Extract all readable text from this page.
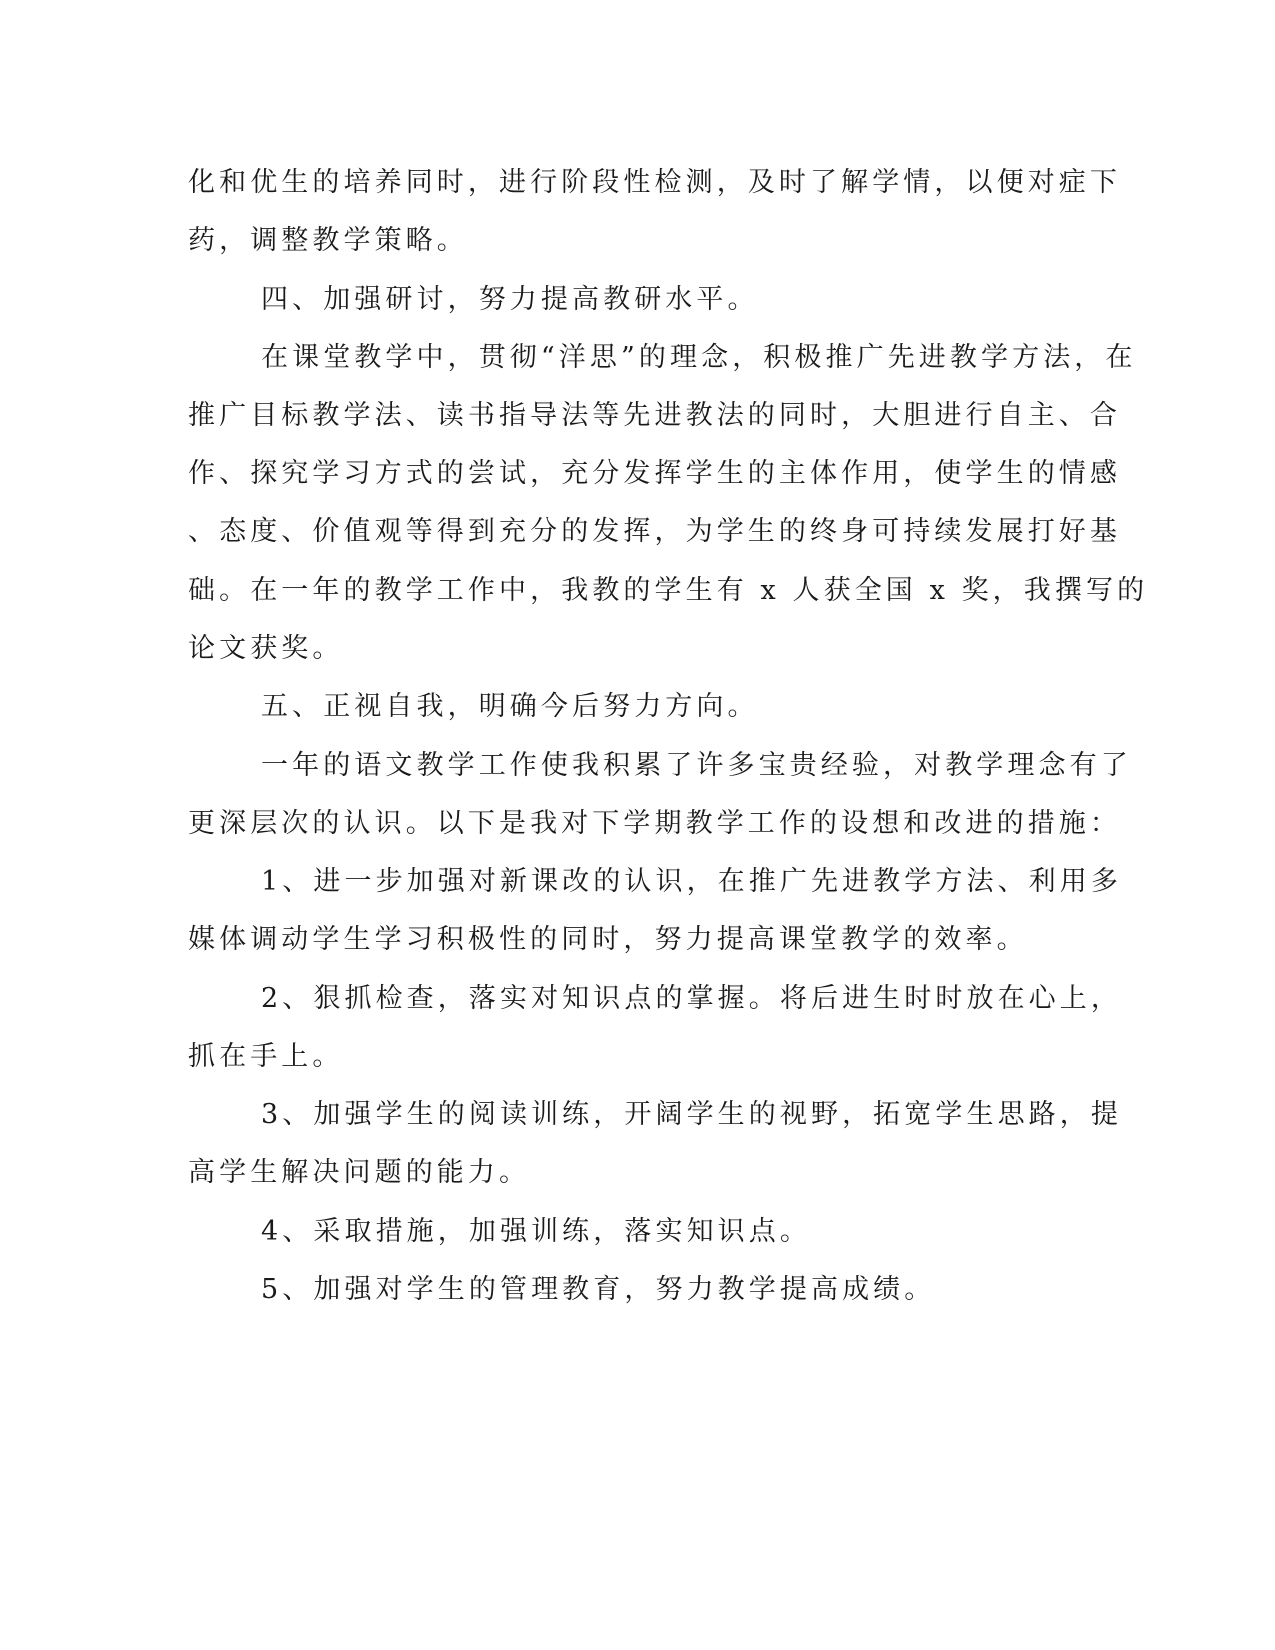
化和优生的培养同时，进行阶段性检测，及时了解学情，以便对症下

药，调整教学策略。

四、加强研讨，努力提高教研水平。

在课堂教学中，贯彻“洋思”的理念，积极推广先进教学方法，在

推广目标教学法、读书指导法等先进教法的同时，大胆进行自主、合

作、探究学习方式的尝试，充分发挥学生的主体作用，使学生的情感

、态度、价值观等得到充分的发挥，为学生的终身可持续发展打好基

础。在一年的教学工作中，我教的学生有 x 人获全国 x 奖，我撰写的

论文获奖。

五、正视自我，明确今后努力方向。

一年的语文教学工作使我积累了许多宝贵经验，对教学理念有了

更深层次的认识。以下是我对下学期教学工作的设想和改进的措施：

1、进一步加强对新课改的认识，在推广先进教学方法、利用多

媒体调动学生学习积极性的同时，努力提高课堂教学的效率。

2、狠抓检查，落实对知识点的掌握。将后进生时时放在心上，

抓在手上。

3、加强学生的阅读训练，开阔学生的视野，拓宽学生思路，提

高学生解决问题的能力。

4、采取措施，加强训练，落实知识点。

5、加强对学生的管理教育，努力教学提高成绩。
